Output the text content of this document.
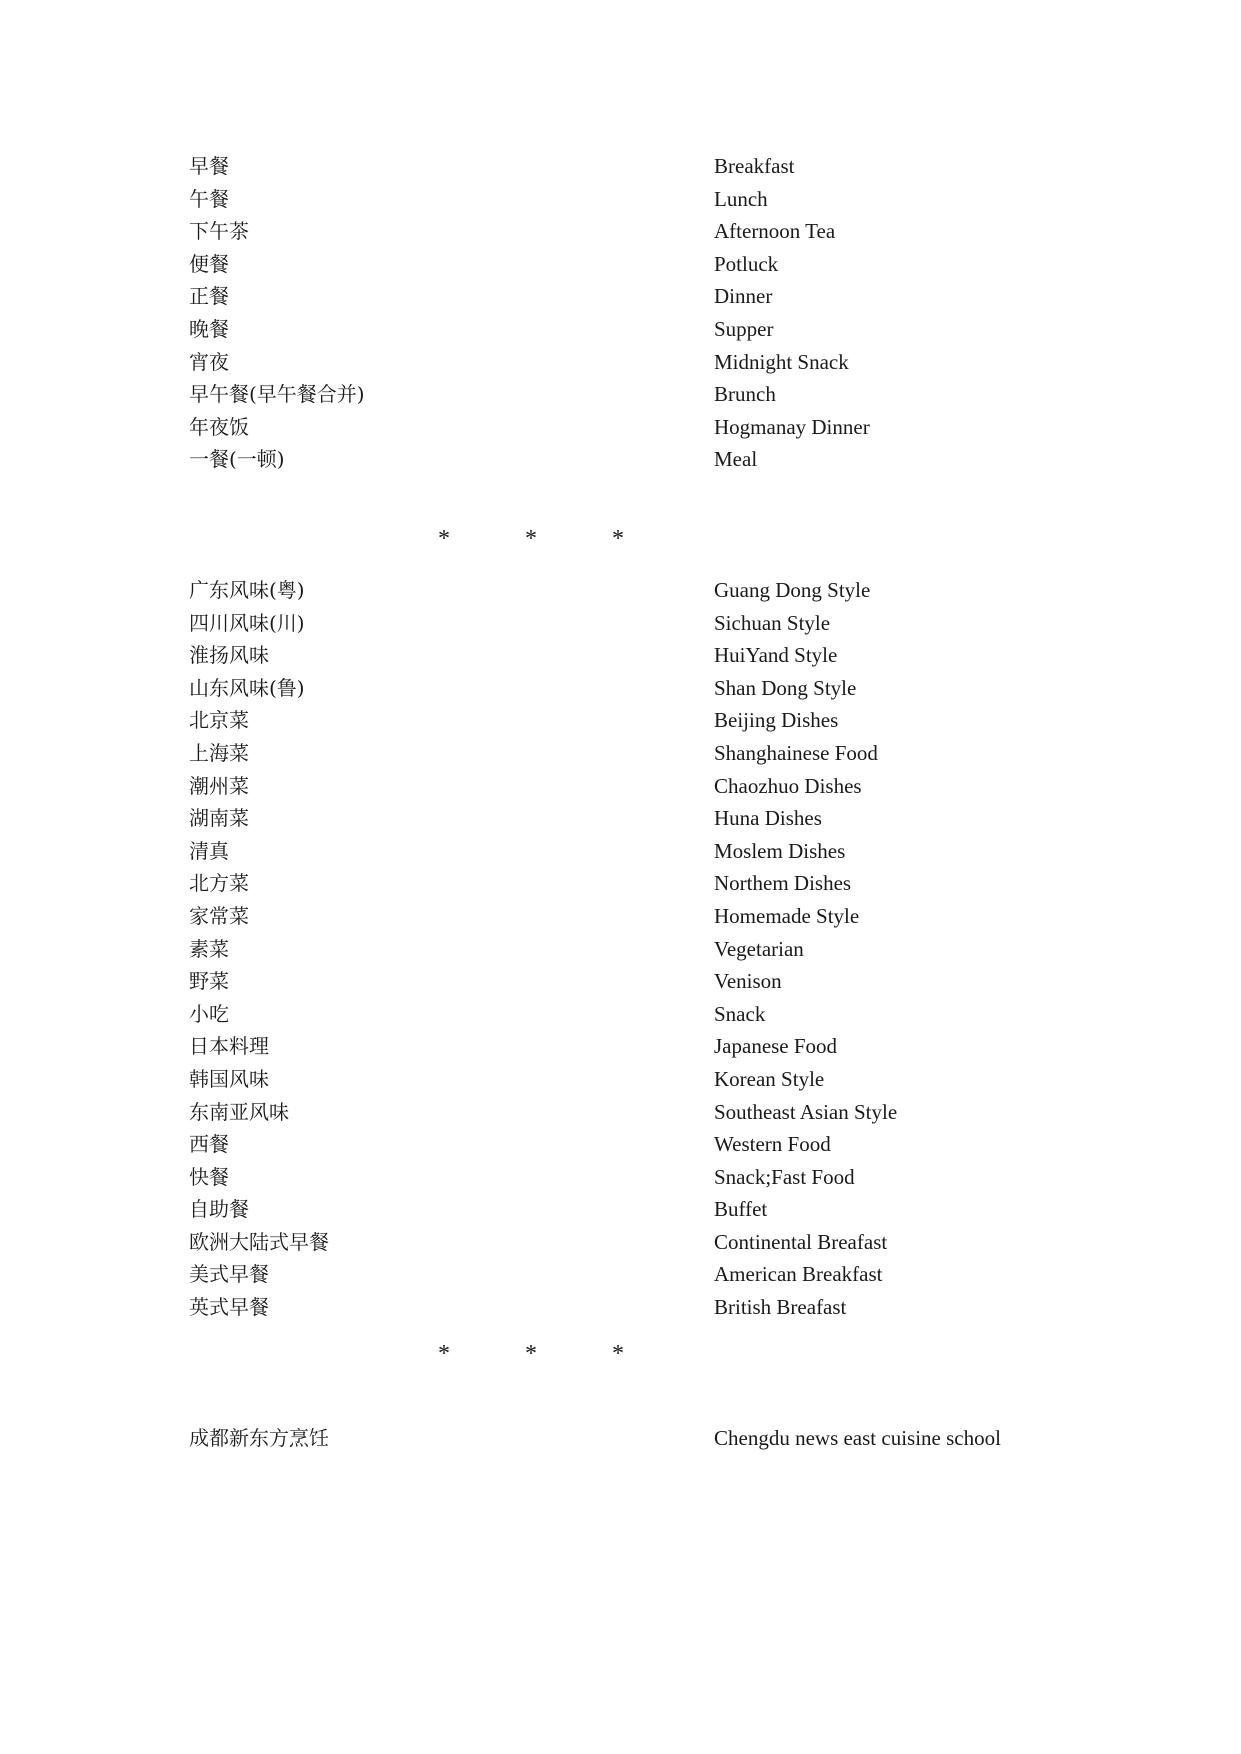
早餐	Breakfast
午餐	Lunch
下午茶	Afternoon Tea
便餐	Potluck
正餐	Dinner
晚餐	Supper
宵夜	Midnight Snack
早午餐(早午餐合并)	Brunch
年夜饭	Hogmanay Dinner
一餐(一顿)	Meal
*	*	*
广东风味(粤)	Guang Dong Style
四川风味(川)	Sichuan Style
淮扬风味	HuiYand Style
山东风味(鲁)	Shan Dong Style
北京菜	Beijing Dishes
上海菜	Shanghainese Food
潮州菜	Chaozhuo Dishes
湖南菜	Huna Dishes
清真	Moslem Dishes
北方菜	Northem Dishes
家常菜	Homemade Style
素菜	Vegetarian
野菜	Venison
小吃	Snack
日本料理	Japanese Food
韩国风味	Korean Style
东南亚风味	Southeast Asian Style
西餐	Western Food
快餐	Snack;Fast Food
自助餐	Buffet
欧洲大陆式早餐	Continental Breafast
美式早餐	American Breakfast
英式早餐	British Breafast
*	*	*
成都新东方烹饪	Chengdu news east cuisine school
